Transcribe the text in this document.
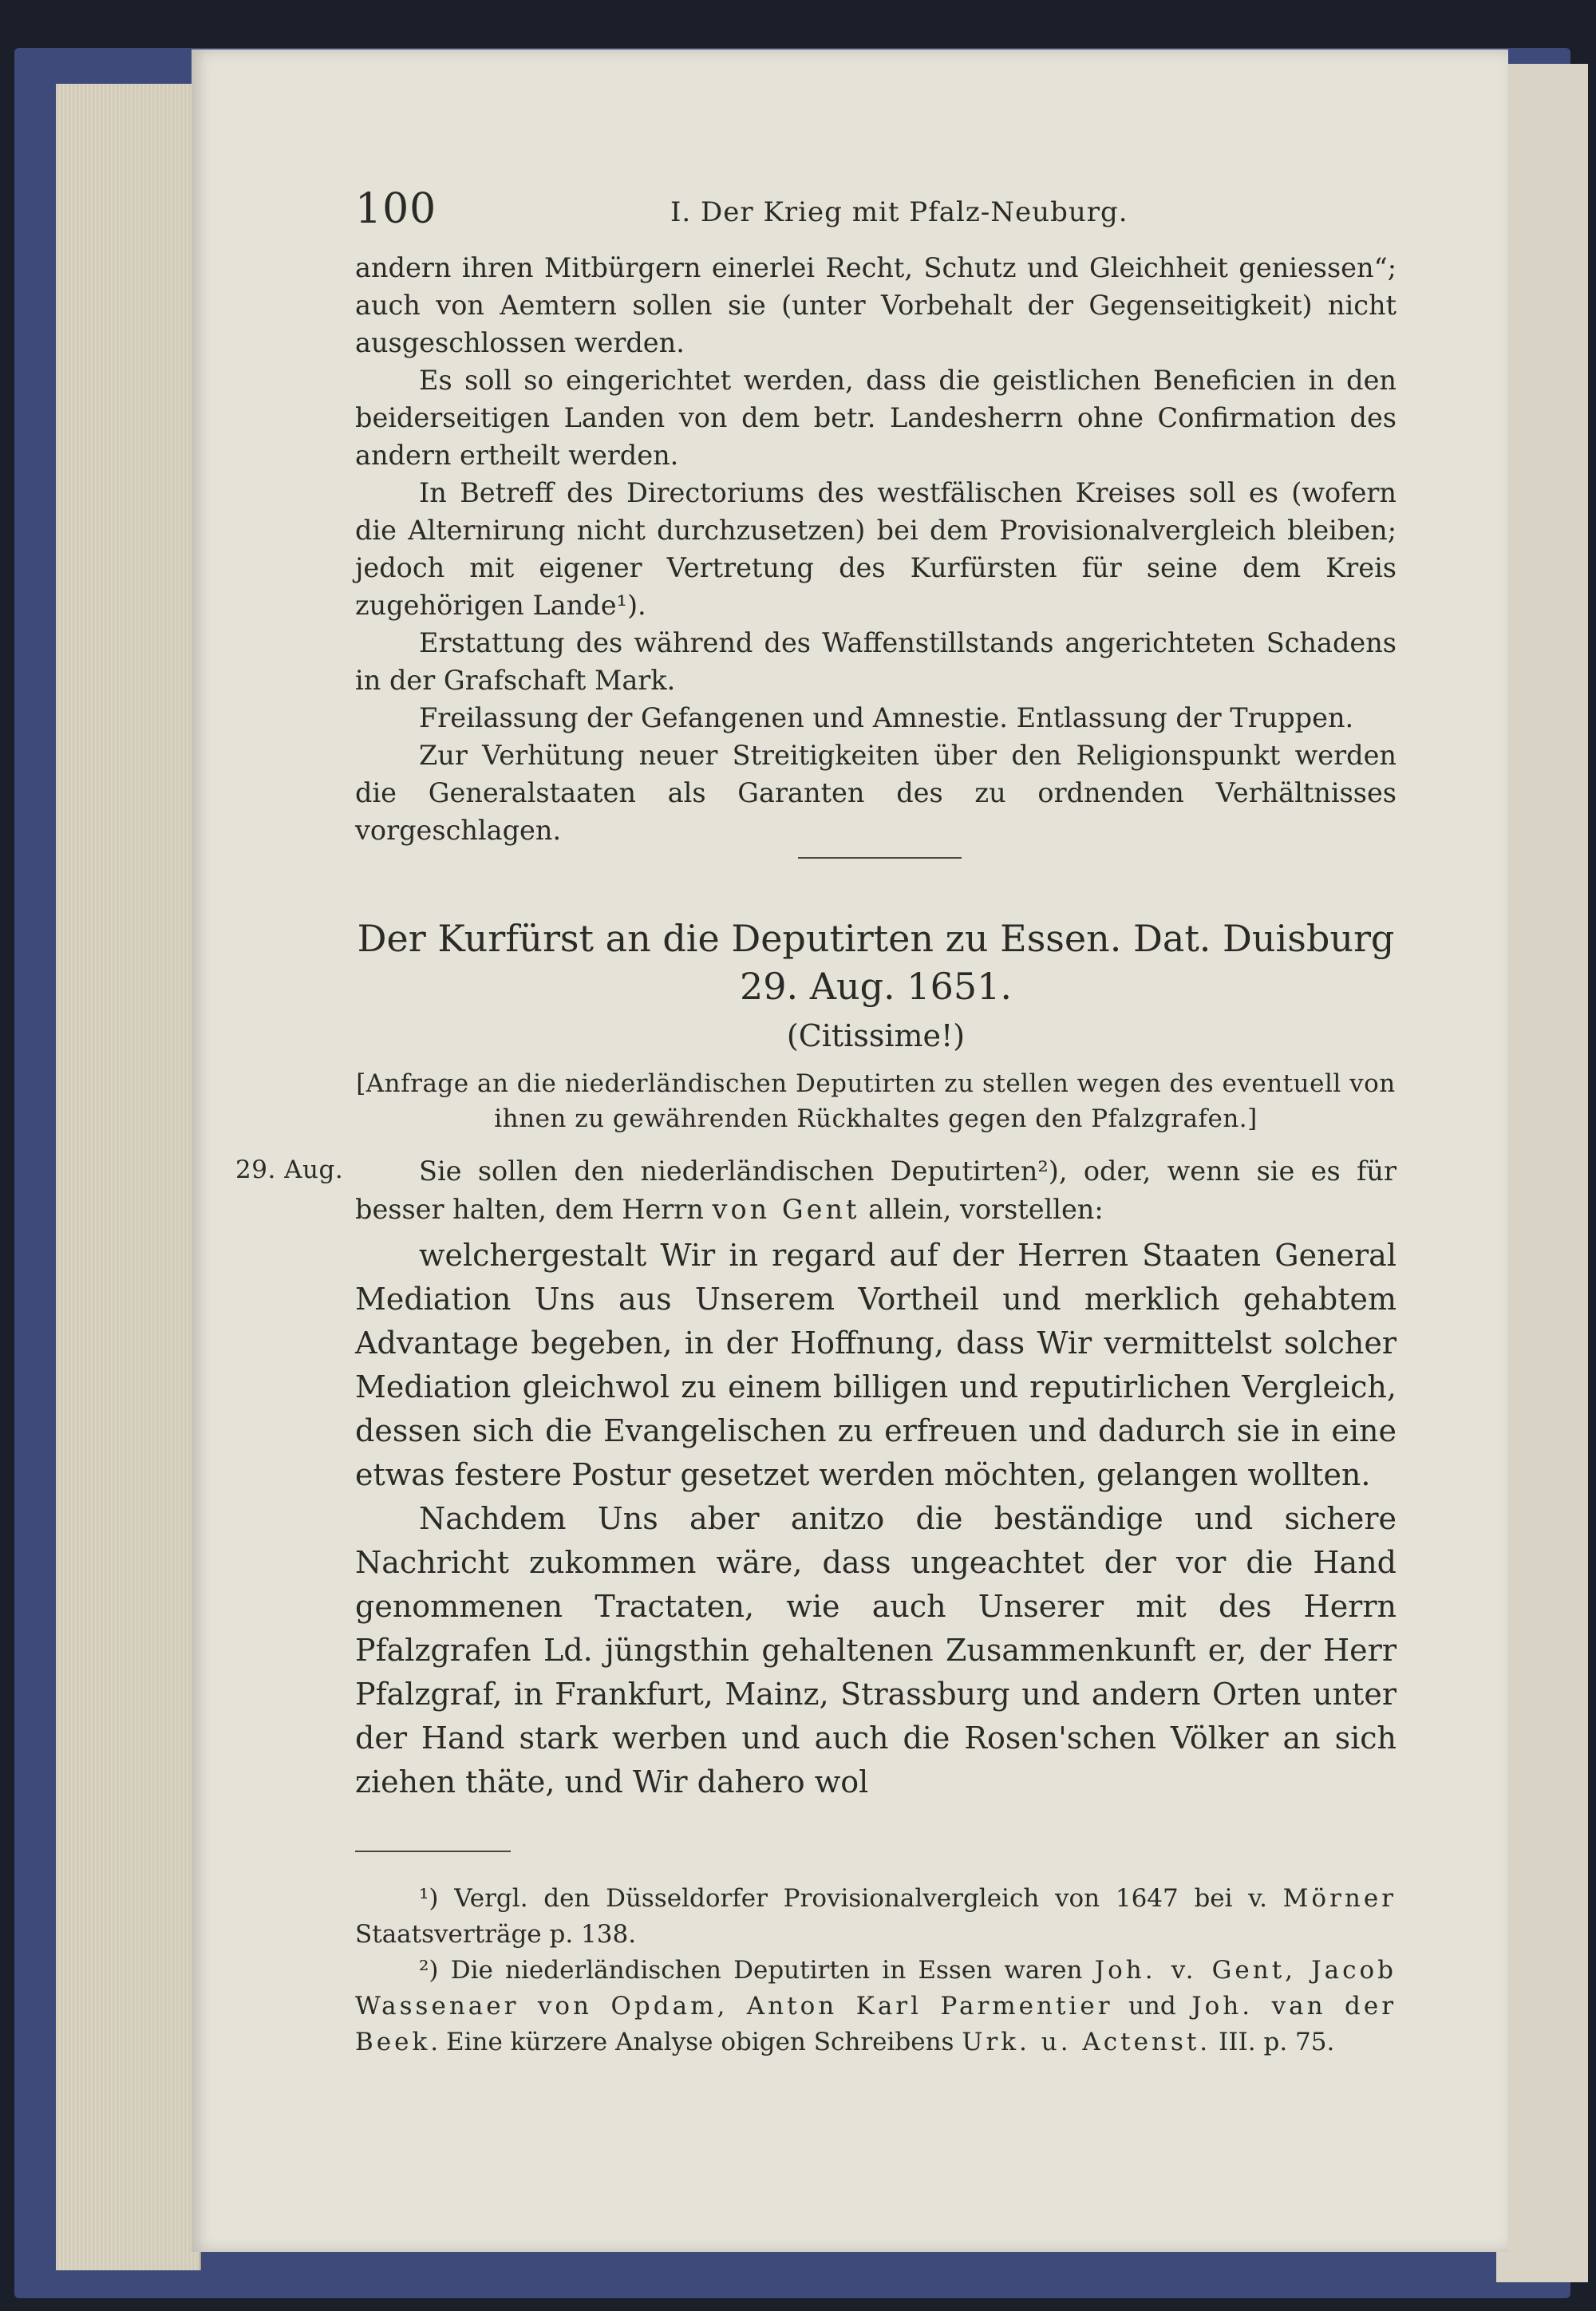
100	I. Der Krieg mit Pfalz-Neuburg.

andern ihren Mitbürgern einerlei Recht, Schutz und Gleichheit geniessen“; auch von Aemtern sollen sie (unter Vorbehalt der Gegenseitigkeit) nicht ausgeschlossen werden.

Es soll so eingerichtet werden, dass die geistlichen Beneficien in den beiderseitigen Landen von dem betr. Landesherrn ohne Confirmation des andern ertheilt werden.

In Betreff des Directoriums des westfälischen Kreises soll es (wofern die Alternirung nicht durchzusetzen) bei dem Provisionalvergleich bleiben; jedoch mit eigener Vertretung des Kurfürsten für seine dem Kreis zugehörigen Lande¹).

Erstattung des während des Waffenstillstands angerichteten Schadens in der Grafschaft Mark.

Freilassung der Gefangenen und Amnestie. Entlassung der Truppen.

Zur Verhütung neuer Streitigkeiten über den Religionspunkt werden die Generalstaaten als Garanten des zu ordnenden Verhältnisses vorgeschlagen.

Der Kurfürst an die Deputirten zu Essen. Dat. Duisburg
29. Aug. 1651.
(Citissime!)
[Anfrage an die niederländischen Deputirten zu stellen wegen des eventuell von ihnen zu gewährenden Rückhaltes gegen den Pfalzgrafen.]
29. Aug.	Sie sollen den niederländischen Deputirten²), oder, wenn sie es für besser halten, dem Herrn von Gent allein, vorstellen:

welchergestalt Wir in regard auf der Herren Staaten General Mediation Uns aus Unserem Vortheil und merklich gehabtem Advantage begeben, in der Hoffnung, dass Wir vermittelst solcher Mediation gleichwol zu einem billigen und reputirlichen Vergleich, dessen sich die Evangelischen zu erfreuen und dadurch sie in eine etwas festere Postur gesetzet werden möchten, gelangen wollten.

Nachdem Uns aber anitzo die beständige und sichere Nachricht zukommen wäre, dass ungeachtet der vor die Hand genommenen Tractaten, wie auch Unserer mit des Herrn Pfalzgrafen Ld. jüngsthin gehaltenen Zusammenkunft er, der Herr Pfalzgraf, in Frankfurt, Mainz, Strassburg und andern Orten unter der Hand stark werben und auch die Rosen'schen Völker an sich ziehen thäte, und Wir dahero wol

¹) Vergl. den Düsseldorfer Provisionalvergleich von 1647 bei v. Mörner Staatsverträge p. 138.

²) Die niederländischen Deputirten in Essen waren Joh. v. Gent, Jacob Wassenaer von Opdam, Anton Karl Parmentier und Joh. van der Beek. Eine kürzere Analyse obigen Schreibens Urk. u. Actenst. III. p. 75.
